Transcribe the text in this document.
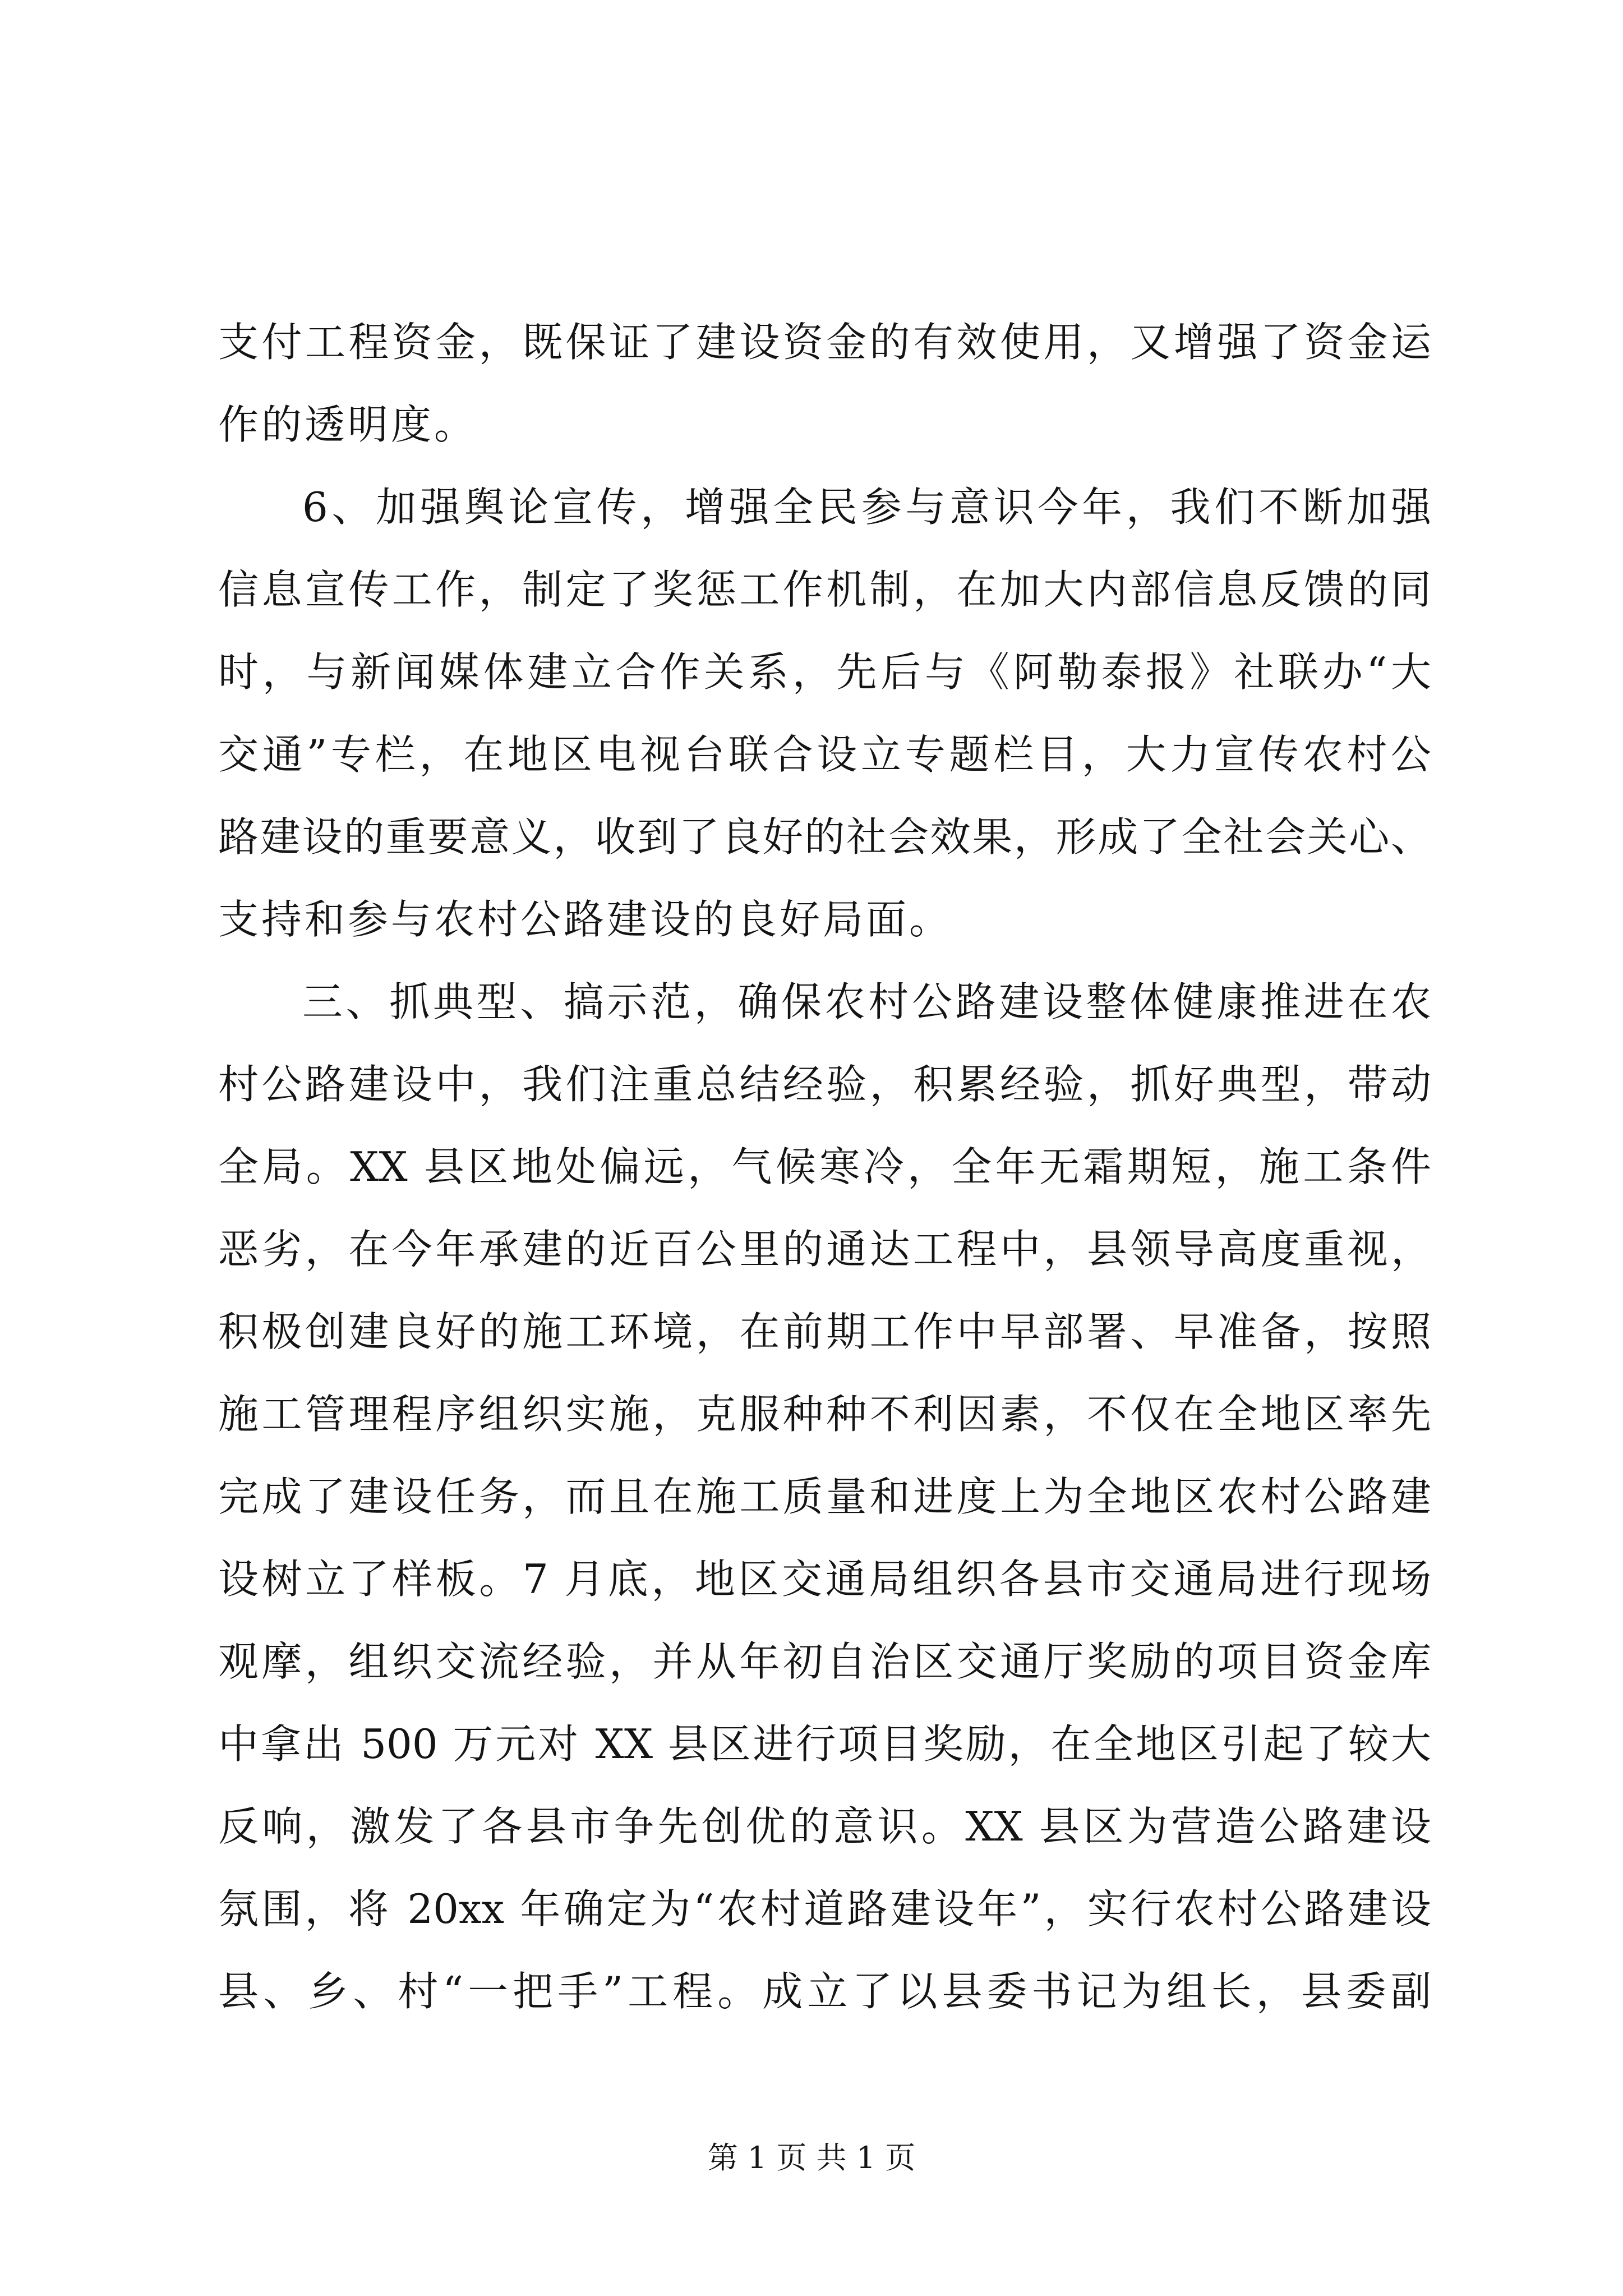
支付工程资金，既保证了建设资金的有效使用，又增强了资金运
作的透明度。
6、加强舆论宣传，增强全民参与意识今年，我们不断加强
信息宣传工作，制定了奖惩工作机制，在加大内部信息反馈的同
时，与新闻媒体建立合作关系，先后与《阿勒泰报》社联办“大
交通”专栏，在地区电视台联合设立专题栏目，大力宣传农村公
路建设的重要意义，收到了良好的社会效果，形成了全社会关心、
支持和参与农村公路建设的良好局面。
三、抓典型、搞示范，确保农村公路建设整体健康推进在农
村公路建设中，我们注重总结经验，积累经验，抓好典型，带动
全局。XX 县区地处偏远，气候寒冷，全年无霜期短，施工条件
恶劣，在今年承建的近百公里的通达工程中，县领导高度重视，
积极创建良好的施工环境，在前期工作中早部署、早准备，按照
施工管理程序组织实施，克服种种不利因素，不仅在全地区率先
完成了建设任务，而且在施工质量和进度上为全地区农村公路建
设树立了样板。7 月底，地区交通局组织各县市交通局进行现场
观摩，组织交流经验，并从年初自治区交通厅奖励的项目资金库
中拿出 500 万元对 XX 县区进行项目奖励，在全地区引起了较大
反响，激发了各县市争先创优的意识。XX 县区为营造公路建设
氛围，将 20xx 年确定为“农村道路建设年”，实行农村公路建设
县、乡、村“一把手”工程。成立了以县委书记为组长，县委副
第 1 页 共 1 页
